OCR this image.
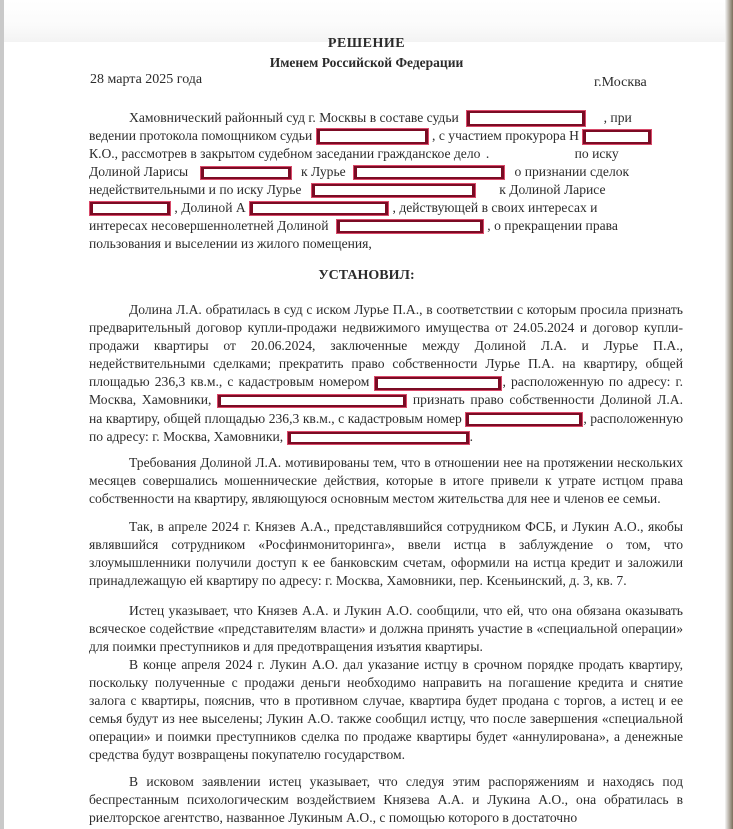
РЕШЕНИЕ
Именем Российской Федерации
28 марта 2025 года	г.Москва
Хамовнический районный суд г. Москвы в составе судьи	, при
ведении протокола помощником судьи	, с участием прокурора Н
К.О., рассмотрев в закрытом судебном заседании гражданское дело .	по иску
Долиной Ларисы	к Лурье	о признании сделок
недействительными и по иску Лурье	к Долиной Ларисе
, Долиной А	, действующей в своих интересах и
интересах несовершеннолетней Долиной	, о прекращении права
пользования и выселении из жилого помещения,
УСТАНОВИЛ:
Долина Л.А. обратилась в суд с иском Лурье П.А., в соответствии с которым просила признать предварительный договор купли-продажи недвижимого имущества от 24.05.2024 и договор купли-продажи квартиры от 20.06.2024, заключенные между Долиной Л.А. и Лурье П.А., недействительными сделками; прекратить право собственности Лурье П.А. на квартиру, общей площадью 236,3 кв.м., с кадастровым номером	, расположенную по адресу: г. Москва, Хамовники,	признать право собственности Долиной Л.А. на квартиру, общей площадью 236,3 кв.м., с кадастровым номер	, расположенную по адресу: г. Москва, Хамовники,	.
Требования Долиной Л.А. мотивированы тем, что в отношении нее на протяжении нескольких месяцев совершались мошеннические действия, которые в итоге привели к утрате истцом права собственности на квартиру, являющуюся основным местом жительства для нее и членов ее семьи.
Так, в апреле 2024 г. Князев А.А., представлявшийся сотрудником ФСБ, и Лукин А.О., якобы являвшийся сотрудником «Росфинмониторинга», ввели истца в заблуждение о том, что злоумышленники получили доступ к ее банковским счетам, оформили на истца кредит и заложили принадлежащую ей квартиру по адресу: г. Москва, Хамовники, пер. Ксеньинский, д. 3, кв. 7.
Истец указывает, что Князев А.А. и Лукин А.О. сообщили, что ей, что она обязана оказывать всяческое содействие «представителям власти» и должна принять участие в «специальной операции» для поимки преступников и для предотвращения изъятия квартиры.
В конце апреля 2024 г. Лукин А.О. дал указание истцу в срочном порядке продать квартиру, поскольку полученные с продажи деньги необходимо направить на погашение кредита и снятие залога с квартиры, пояснив, что в противном случае, квартира будет продана с торгов, а истец и ее семья будут из нее выселены; Лукин А.О. также сообщил истцу, что после завершения «специальной операции» и поимки преступников сделка по продаже квартиры будет «аннулирована», а денежные средства будут возвращены покупателю государством.
В исковом заявлении истец указывает, что следуя этим распоряжениям и находясь под беспрестанным психологическим воздействием Князева А.А. и Лукина А.О., она обратилась в риелторское агентство, названное Лукиным А.О., с помощью которого в достаточно
